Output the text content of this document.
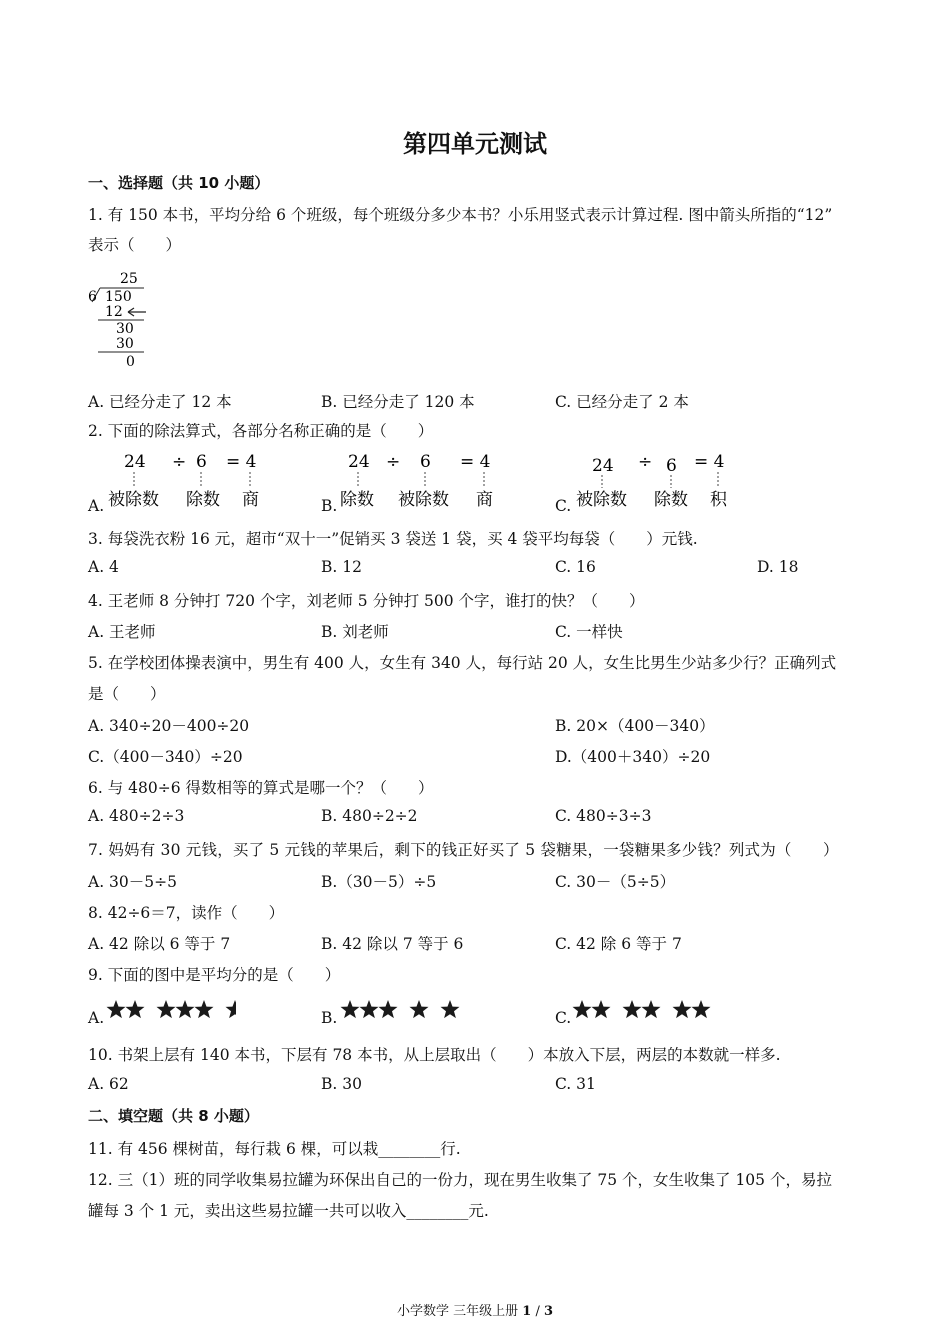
第四单元测试
一、选择题（共 10 小题）
1. 有 150 本书，平均分给 6 个班级，每个班级分多少本书？小乐用竖式表示计算过程. 图中箭头所指的“12”
表示（　　）
25
6 150
12
30
30
0
A. 已经分走了 12 本	B. 已经分走了 120 本	C. 已经分走了 2 本
2. 下面的除法算式，各部分名称正确的是（　　）
A.
24 ÷ 6 = 4
被除数 除数 商	B.
24 ÷ 6 = 4
除数 被除数 商	C.
24 ÷ 6 = 4
被除数 除数 积
3. 每袋洗衣粉 16 元，超市“双十一”促销买 3 袋送 1 袋，买 4 袋平均每袋（　　）元钱.
A. 4	B. 12	C. 16	D. 18
4. 王老师 8 分钟打 720 个字，刘老师 5 分钟打 500 个字，谁打的快？（　　）
A. 王老师	B. 刘老师	C. 一样快
5. 在学校团体操表演中，男生有 400 人，女生有 340 人，每行站 20 人，女生比男生少站多少行？正确列式
是（　　）
A. 340÷20－400÷20	B. 20×（400－340）
C.（400－340）÷20	D.（400＋340）÷20
6. 与 480÷6 得数相等的算式是哪一个？（　　）
A. 480÷2÷3	B. 480÷2÷2	C. 480÷3÷3
7. 妈妈有 30 元钱，买了 5 元钱的苹果后，剩下的钱正好买了 5 袋糖果，一袋糖果多少钱？列式为（　　）
A. 30－5÷5	B.（30－5）÷5	C. 30－（5÷5）
8. 42÷6＝7，读作（　　）
A. 42 除以 6 等于 7	B. 42 除以 7 等于 6	C. 42 除 6 等于 7
9. 下面的图中是平均分的是（　　）
A.	B.	C.
10. 书架上层有 140 本书，下层有 78 本书，从上层取出（　　）本放入下层，两层的本数就一样多.
A. 62	B. 30	C. 31
二、填空题（共 8 小题）
11. 有 456 棵树苗，每行栽 6 棵，可以栽________行.
12. 三（1）班的同学收集易拉罐为环保出自己的一份力，现在男生收集了 75 个，女生收集了 105 个，易拉
罐每 3 个 1 元，卖出这些易拉罐一共可以收入________元.
小学数学 三年级上册 1 / 3
